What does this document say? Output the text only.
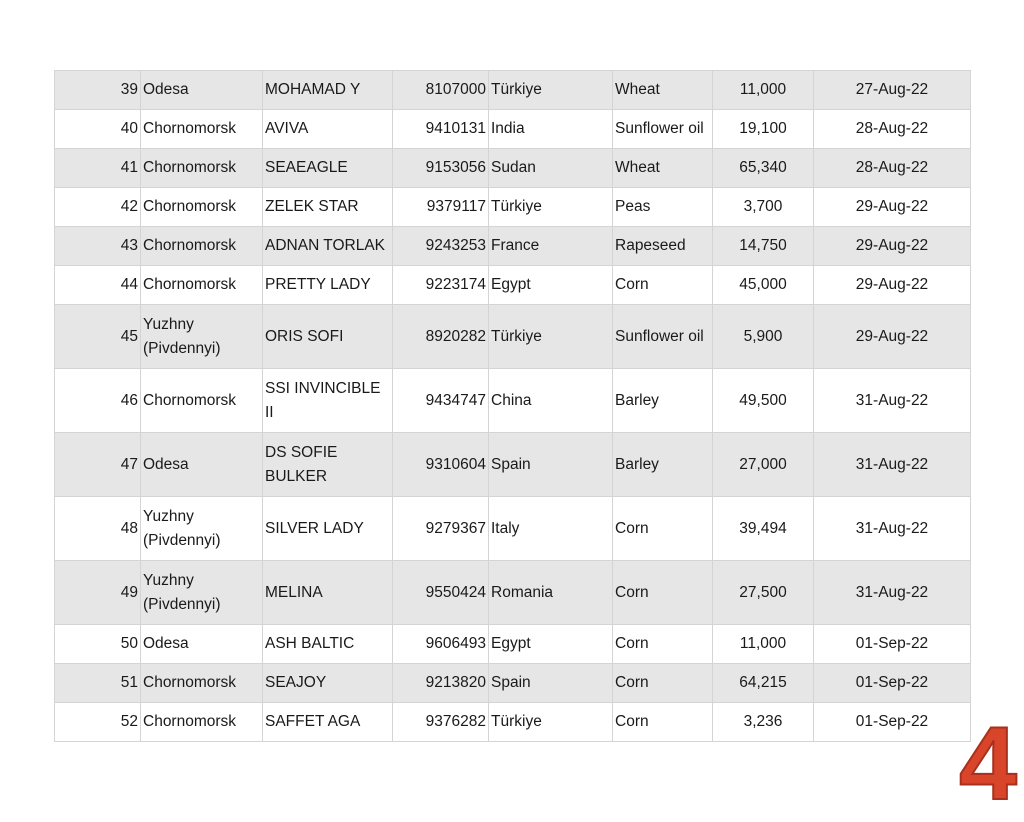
39	Odesa	MOHAMAD Y	8107000	Türkiye	Wheat	11,000	27-Aug-22
40	Chornomorsk	AVIVA	9410131	India	Sunflower oil	19,100	28-Aug-22
41	Chornomorsk	SEAEAGLE	9153056	Sudan	Wheat	65,340	28-Aug-22
42	Chornomorsk	ZELEK STAR	9379117	Türkiye	Peas	3,700	29-Aug-22
43	Chornomorsk	ADNAN TORLAK	9243253	France	Rapeseed	14,750	29-Aug-22
44	Chornomorsk	PRETTY LADY	9223174	Egypt	Corn	45,000	29-Aug-22
45	Yuzhny (Pivdennyi)	ORIS SOFI	8920282	Türkiye	Sunflower oil	5,900	29-Aug-22
46	Chornomorsk	SSI INVINCIBLE II	9434747	China	Barley	49,500	31-Aug-22
47	Odesa	DS SOFIE BULKER	9310604	Spain	Barley	27,000	31-Aug-22
48	Yuzhny (Pivdennyi)	SILVER LADY	9279367	Italy	Corn	39,494	31-Aug-22
49	Yuzhny (Pivdennyi)	MELINA	9550424	Romania	Corn	27,500	31-Aug-22
50	Odesa	ASH BALTIC	9606493	Egypt	Corn	11,000	01-Sep-22
51	Chornomorsk	SEAJOY	9213820	Spain	Corn	64,215	01-Sep-22
52	Chornomorsk	SAFFET AGA	9376282	Türkiye	Corn	3,236	01-Sep-22 4
